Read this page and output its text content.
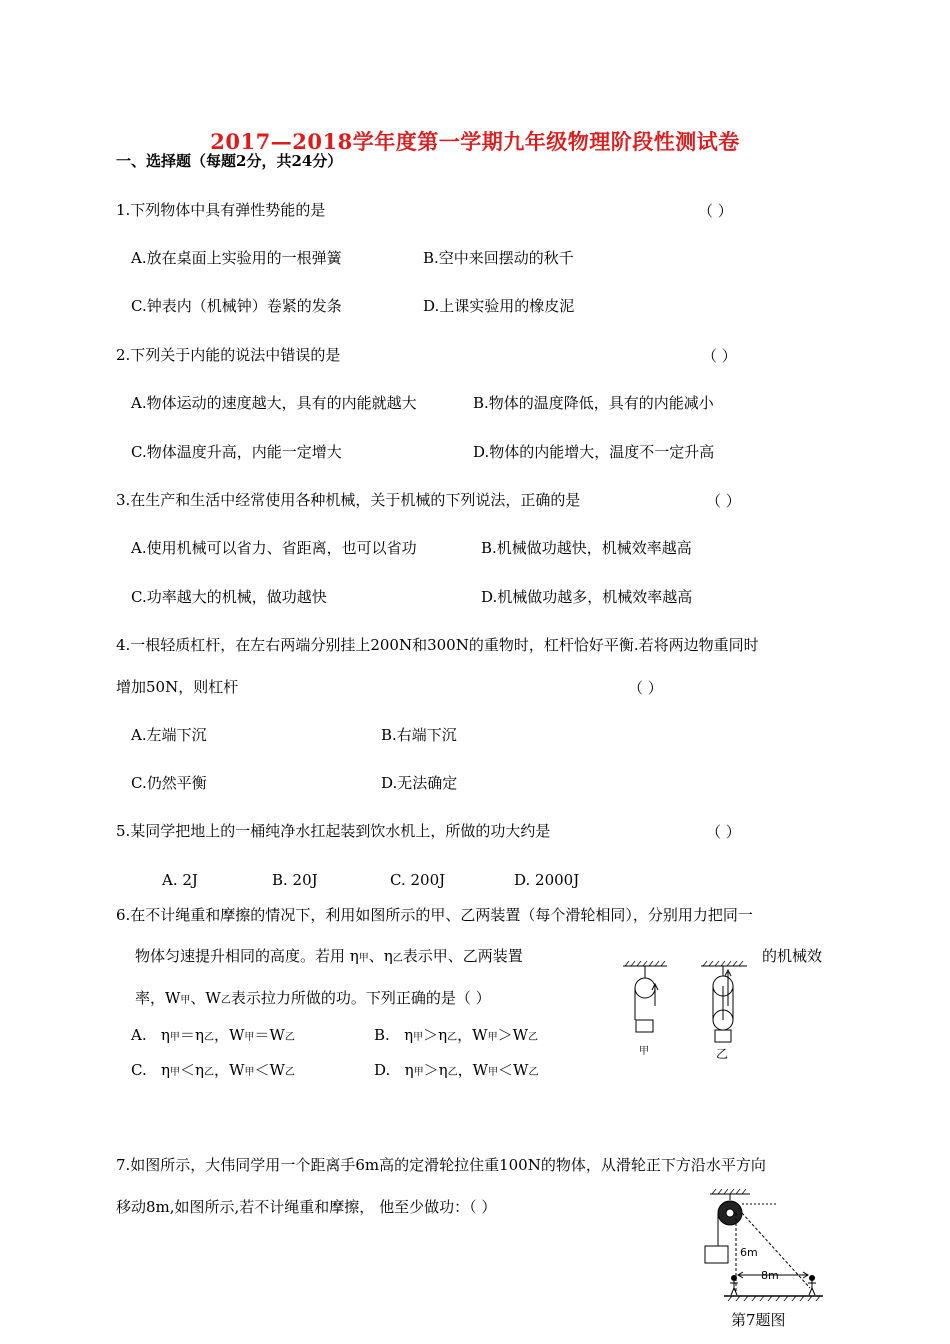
2017—2018学年度第一学期九年级物理阶段性测试卷
一、选择题（每题2分，共24分）
1.下列物体中具有弹性势能的是	（ ）
A.放在桌面上实验用的一根弹簧	B.空中来回摆动的秋千
C.钟表内（机械钟）卷紧的发条	D.上课实验用的橡皮泥
2.下列关于内能的说法中错误的是	（ ）
A.物体运动的速度越大，具有的内能就越大	B.物体的温度降低，具有的内能减小
C.物体温度升高，内能一定增大	D.物体的内能增大，温度不一定升高
3.在生产和生活中经常使用各种机械，关于机械的下列说法，正确的是	（ ）
A.使用机械可以省力、省距离，也可以省功	B.机械做功越快，机械效率越高
C.功率越大的机械，做功越快	D.机械做功越多，机械效率越高
4.一根轻质杠杆，在左右两端分别挂上200N和300N的重物时，杠杆恰好平衡.若将两边物重同时
增加50N，则杠杆	（ ）
A.左端下沉	B.右端下沉
C.仍然平衡	D.无法确定
5.某同学把地上的一桶纯净水扛起装到饮水机上，所做的功大约是	（ ）
A. 2J	B. 20J	C. 200J	D. 2000J
6.在不计绳重和摩擦的情况下，利用如图所示的甲、乙两装置（每个滑轮相同），分别用力把同一
物体匀速提升相同的高度。若用 η甲、η乙表示甲、乙两装置	的机械效
率，W甲、W乙表示拉力所做的功。下列正确的是（ ）
A. η甲＝η乙，W甲＝W乙	B. η甲＞η乙，W甲＞W乙
C. η甲＜η乙，W甲＜W乙	D. η甲＞η乙，W甲＜W乙
甲	乙
7.如图所示，大伟同学用一个距离手6m高的定滑轮拉住重100N的物体，从滑轮正下方沿水平方向
移动8m,如图所示,若不计绳重和摩擦， 他至少做功：（ ）
6m
8m
第7题图
